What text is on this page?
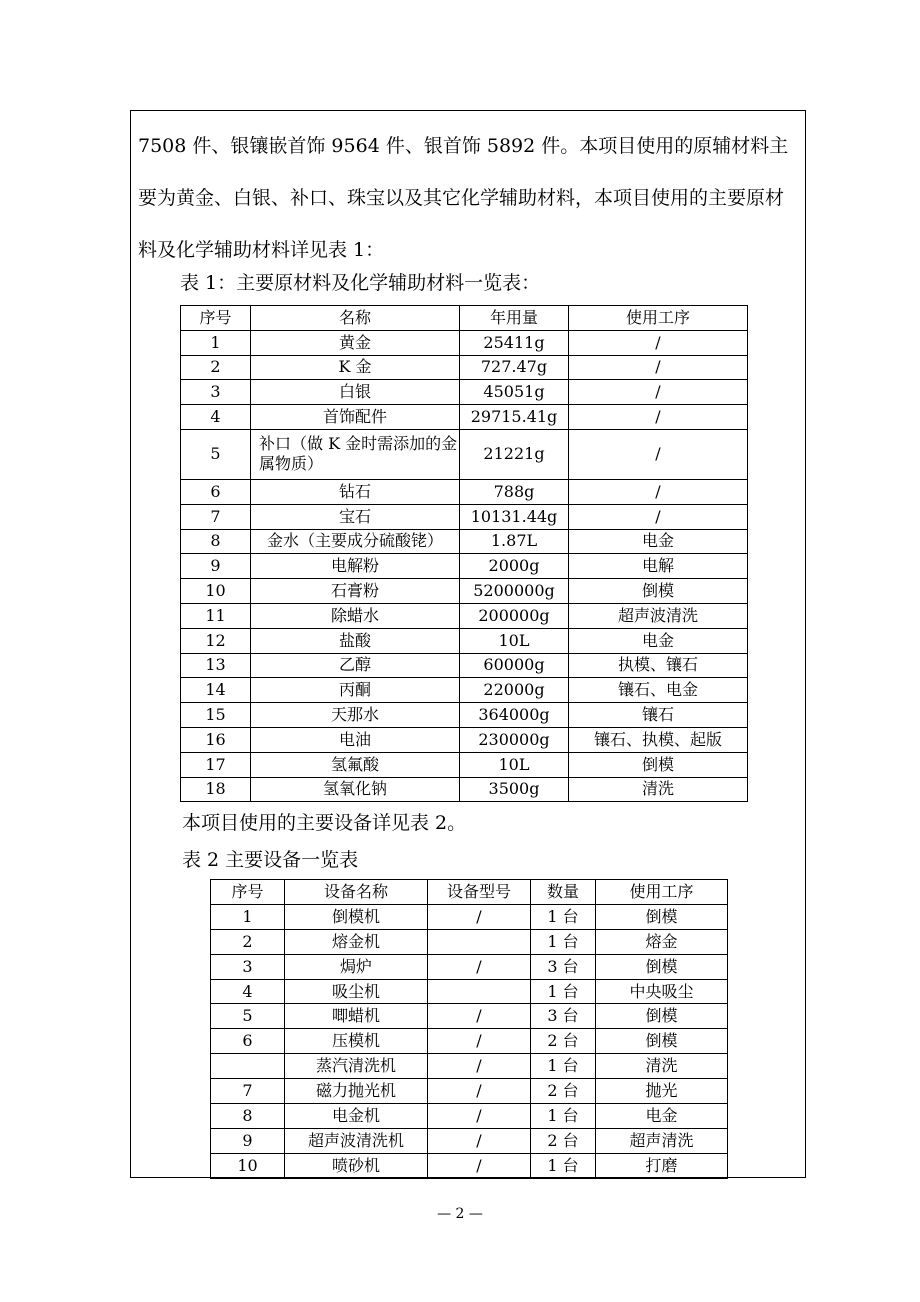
7508 件、银镶嵌首饰 9564 件、银首饰 5892 件。本项目使用的原辅材料主要为黄金、白银、补口、珠宝以及其它化学辅助材料，本项目使用的主要原材料及化学辅助材料详见表 1：

表 1：主要原材料及化学辅助材料一览表：

序号	名称	年用量	使用工序
1	黄金	25411g	/
2	K 金	727.47g	/
3	白银	45051g	/
4	首饰配件	29715.41g	/
5	补口（做 K 金时需添加的金属物质）	21221g	/
6	钻石	788g	/
7	宝石	10131.44g	/
8	金水（主要成分硫酸铑）	1.87L	电金
9	电解粉	2000g	电解
10	石膏粉	5200000g	倒模
11	除蜡水	200000g	超声波清洗
12	盐酸	10L	电金
13	乙醇	60000g	执模、镶石
14	丙酮	22000g	镶石、电金
15	天那水	364000g	镶石
16	电油	230000g	镶石、执模、起版
17	氢氟酸	10L	倒模
18	氢氧化钠	3500g	清洗

本项目使用的主要设备详见表 2。

表 2 主要设备一览表

序号	设备名称	设备型号	数量	使用工序
1	倒模机	/	1 台	倒模
2	熔金机		1 台	熔金
3	焗炉	/	3 台	倒模
4	吸尘机		1 台	中央吸尘
5	唧蜡机	/	3 台	倒模
6	压模机	/	2 台	倒模
	蒸汽清洗机	/	1 台	清洗
7	磁力抛光机	/	2 台	抛光
8	电金机	/	1 台	电金
9	超声波清洗机	/	2 台	超声清洗
10	喷砂机	/	1 台	打磨
— 2 —
